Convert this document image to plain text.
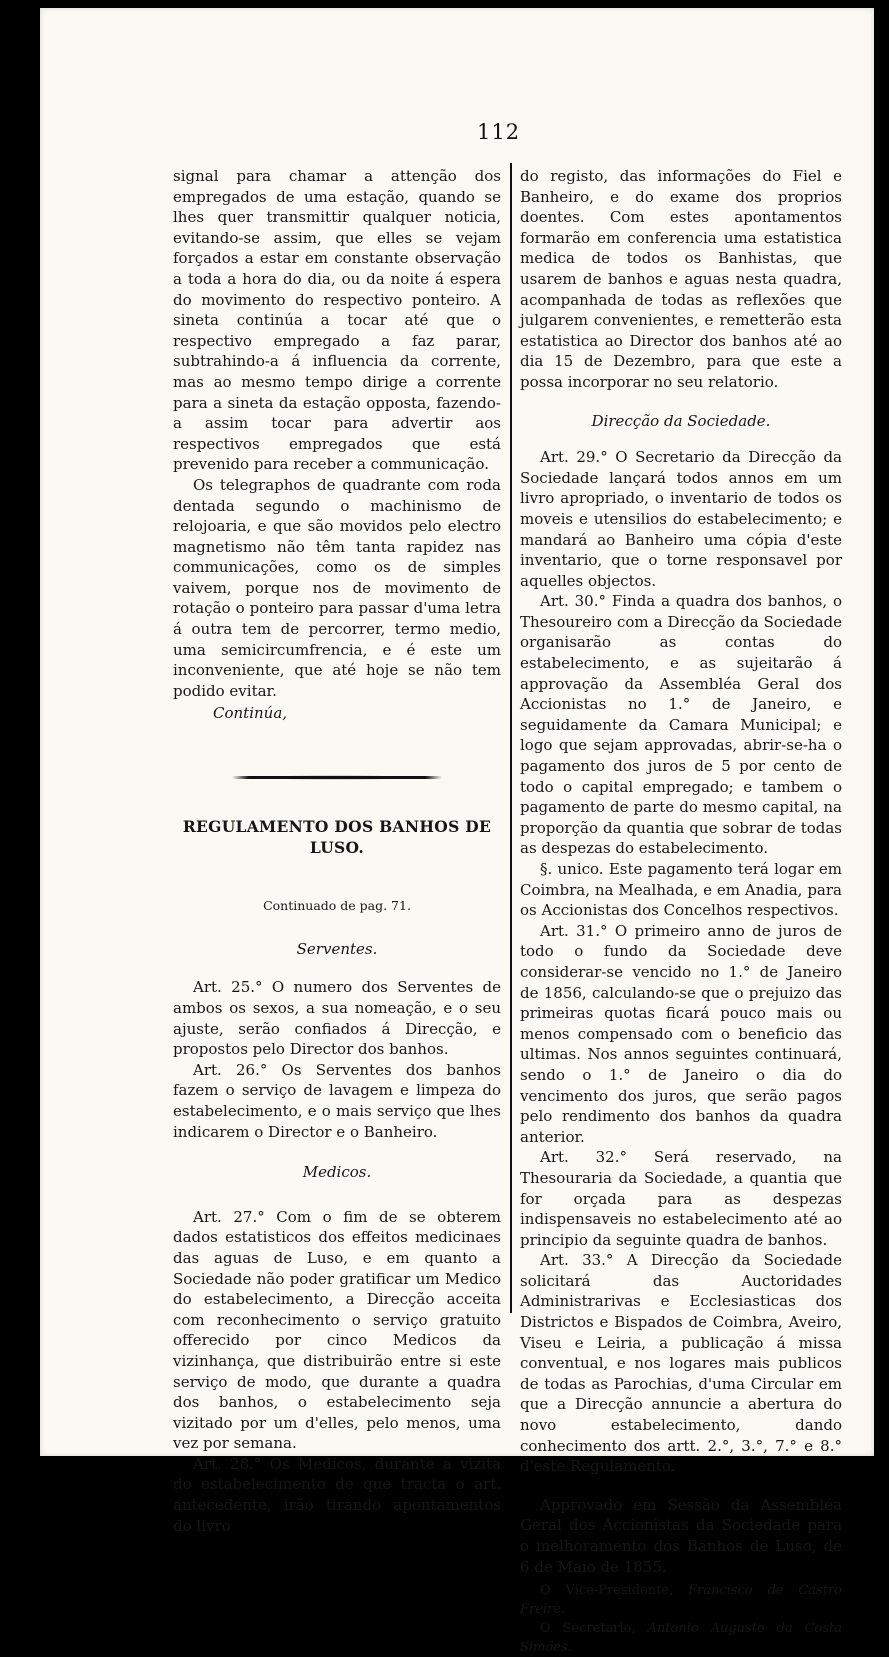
112

signal para chamar a attenção dos empregados de uma estação, quando se lhes quer transmittir qualquer noticia, evitando-se assim, que elles se vejam forçados a estar em constante observação a toda a hora do dia, ou da noite á espera do movimento do respectivo ponteiro. A sineta continúa a tocar até que o respectivo empregado a faz parar, subtrahindo-a á influencia da corrente, mas ao mesmo tempo dirige a corrente para a sineta da estação opposta, fazendo-a assim tocar para advertir aos respectivos empregados que está prevenido para receber a communicação.

Os telegraphos de quadrante com roda dentada segundo o machinismo de relojoaria, e que são movidos pelo electro magnetismo não têm tanta rapidez nas communicações, como os de simples vaivem, porque nos de movimento de rotação o ponteiro para passar d'uma letra á outra tem de percorrer, termo medio, uma semicircumfrencia, e é este um inconveniente, que até hoje se não tem podido evitar.

Continúa,

REGULAMENTO DOS BANHOS DE LUSO.

Continuado de pag. 71.

Serventes.

Art. 25.° O numero dos Serventes de ambos os sexos, a sua nomeação, e o seu ajuste, serão confiados á Direcção, e propostos pelo Director dos banhos.

Art. 26.° Os Serventes dos banhos fazem o serviço de lavagem e limpeza do estabelecimento, e o mais serviço que lhes indicarem o Director e o Banheiro.

Medicos.

Art. 27.° Com o fim de se obterem dados estatisticos dos effeitos medicinaes das aguas de Luso, e em quanto a Sociedade não poder gratificar um Medico do estabelecimento, a Direcção acceita com reconhecimento o serviço gratuito offerecido por cinco Medicos da vizinhança, que distribuirão entre si este serviço de modo, que durante a quadra dos banhos, o estabelecimento seja vizitado por um d'elles, pelo menos, uma vez por semana.

Art. 28.° Os Medicos, durante a vizita do estabelecimento de que tracta o art. antecedente, irão tirando apontamentos do livro

do registo, das informações do Fiel e Banheiro, e do exame dos proprios doentes. Com estes apontamentos formarão em conferencia uma estatistica medica de todos os Banhistas, que usarem de banhos e aguas nesta quadra, acompanhada de todas as reflexões que julgarem convenientes, e remetterão esta estatistica ao Director dos banhos até ao dia 15 de Dezembro, para que este a possa incorporar no seu relatorio.

Direcção da Sociedade.

Art. 29.° O Secretario da Direcção da Sociedade lançará todos annos em um livro apropriado, o inventario de todos os moveis e utensilios do estabelecimento; e mandará ao Banheiro uma cópia d'este inventario, que o torne responsavel por aquelles objectos.

Art. 30.° Finda a quadra dos banhos, o Thesoureiro com a Direcção da Sociedade organisarão as contas do estabelecimento, e as sujeitarão á approvação da Assembléa Geral dos Accionistas no 1.° de Janeiro, e seguidamente da Camara Municipal; e logo que sejam approvadas, abrir-se-ha o pagamento dos juros de 5 por cento de todo o capital empregado; e tambem o pagamento de parte do mesmo capital, na proporção da quantia que sobrar de todas as despezas do estabelecimento.

§. unico. Este pagamento terá logar em Coimbra, na Mealhada, e em Anadia, para os Accionistas dos Concelhos respectivos.

Art. 31.° O primeiro anno de juros de todo o fundo da Sociedade deve considerar-se vencido no 1.° de Janeiro de 1856, calculando-se que o prejuizo das primeiras quotas ficará pouco mais ou menos compensado com o beneficio das ultimas. Nos annos seguintes continuará, sendo o 1.° de Janeiro o dia do vencimento dos juros, que serão pagos pelo rendimento dos banhos da quadra anterior.

Art. 32.° Será reservado, na Thesouraria da Sociedade, a quantia que for orçada para as despezas indispensaveis no estabelecimento até ao principio da seguinte quadra de banhos.

Art. 33.° A Direcção da Sociedade solicitará das Auctoridades Administrarivas e Ecclesiasticas dos Districtos e Bispados de Coimbra, Aveiro, Viseu e Leiria, a publicação á missa conventual, e nos logares mais publicos de todas as Parochias, d'uma Circular em que a Direcção annuncie a abertura do novo estabelecimento, dando conhecimento dos artt. 2.°, 3.°, 7.° e 8.° d'este Regulamento.

Approvado em Sessão da Assembléa Geral dos Accionistas da Sociedade para o melhoramento dos Banhos de Luso, de 6 de Maio de 1855.

O Vice-Presidente, Francisco de Castro Freire.

O Secretario, Antonio Augusto da Costa Simões.
